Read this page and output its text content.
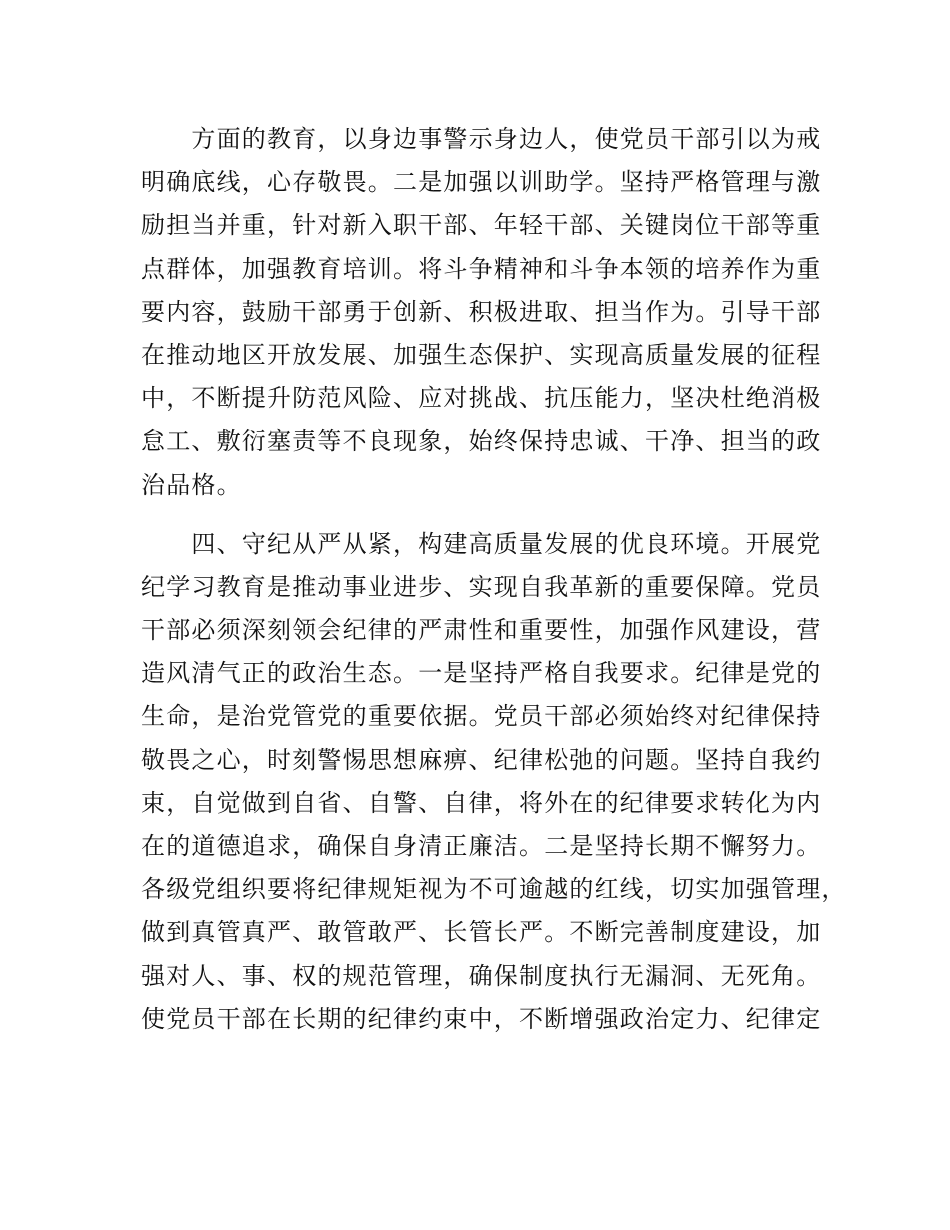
　　方面的教育，以身边事警示身边人，使党员干部引以为戒
明确底线，心存敬畏。二是加强以训助学。坚持严格管理与激
励担当并重，针对新入职干部、年轻干部、关键岗位干部等重
点群体，加强教育培训。将斗争精神和斗争本领的培养作为重
要内容，鼓励干部勇于创新、积极进取、担当作为。引导干部
在推动地区开放发展、加强生态保护、实现高质量发展的征程
中，不断提升防范风险、应对挑战、抗压能力，坚决杜绝消极
怠工、敷衍塞责等不良现象，始终保持忠诚、干净、担当的政
治品格。
　　四、守纪从严从紧，构建高质量发展的优良环境。开展党
纪学习教育是推动事业进步、实现自我革新的重要保障。党员
干部必须深刻领会纪律的严肃性和重要性，加强作风建设，营
造风清气正的政治生态。一是坚持严格自我要求。纪律是党的
生命，是治党管党的重要依据。党员干部必须始终对纪律保持
敬畏之心，时刻警惕思想麻痹、纪律松弛的问题。坚持自我约
束，自觉做到自省、自警、自律，将外在的纪律要求转化为内
在的道德追求，确保自身清正廉洁。二是坚持长期不懈努力。
各级党组织要将纪律规矩视为不可逾越的红线，切实加强管理，
做到真管真严、敢管敢严、长管长严。不断完善制度建设，加
强对人、事、权的规范管理，确保制度执行无漏洞、无死角。
使党员干部在长期的纪律约束中，不断增强政治定力、纪律定
